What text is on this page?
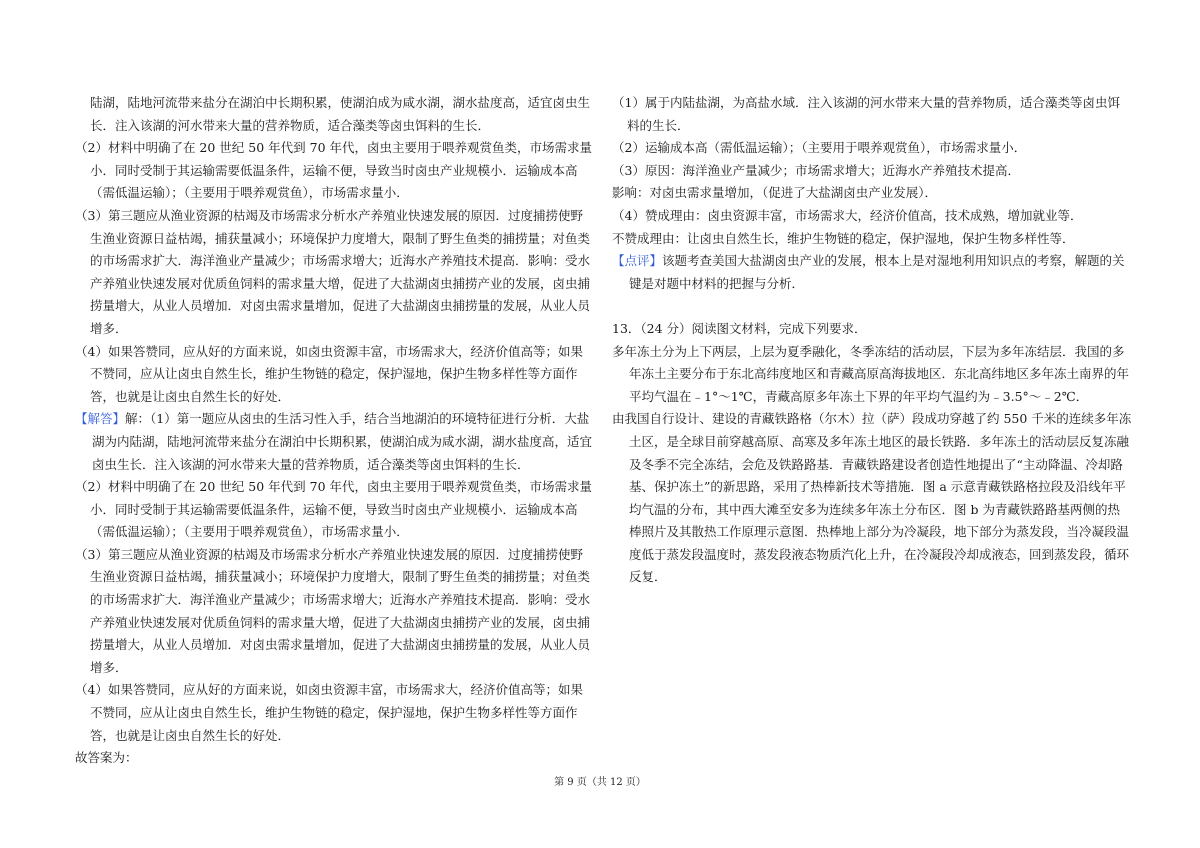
陆湖，陆地河流带来盐分在湖泊中长期积累，使湖泊成为咸水湖，湖水盐度高，适宜卤虫生长．注入该湖的河水带来大量的营养物质，适合藻类等卤虫饵料的生长．

（2）材料中明确了在 20 世纪 50 年代到 70 年代，卤虫主要用于喂养观赏鱼类，市场需求量小．同时受制于其运输需要低温条件，运输不便，导致当时卤虫产业规模小．运输成本高（需低温运输）；（主要用于喂养观赏鱼），市场需求量小．

（3）第三题应从渔业资源的枯竭及市场需求分析水产养殖业快速发展的原因．过度捕捞使野生渔业资源日益枯竭，捕获量减小；环境保护力度增大，限制了野生鱼类的捕捞量；对鱼类的市场需求扩大．海洋渔业产量减少；市场需求增大；近海水产养殖技术提高．影响：受水产养殖业快速发展对优质鱼饲料的需求量大增，促进了大盐湖卤虫捕捞产业的发展，卤虫捕捞量增大，从业人员增加．对卤虫需求量增加，促进了大盐湖卤虫捕捞量的发展，从业人员增多．

（4）如果答赞同，应从好的方面来说，如卤虫资源丰富，市场需求大，经济价值高等；如果不赞同，应从让卤虫自然生长，维护生物链的稳定，保护湿地，保护生物多样性等方面作答，也就是让卤虫自然生长的好处．

【解答】解：（1）第一题应从卤虫的生活习性入手，结合当地湖泊的环境特征进行分析．大盐湖为内陆湖，陆地河流带来盐分在湖泊中长期积累，使湖泊成为咸水湖，湖水盐度高，适宜卤虫生长．注入该湖的河水带来大量的营养物质，适合藻类等卤虫饵料的生长．

（2）材料中明确了在 20 世纪 50 年代到 70 年代，卤虫主要用于喂养观赏鱼类，市场需求量小．同时受制于其运输需要低温条件，运输不便，导致当时卤虫产业规模小．运输成本高（需低温运输）；（主要用于喂养观赏鱼），市场需求量小．

（3）第三题应从渔业资源的枯竭及市场需求分析水产养殖业快速发展的原因．过度捕捞使野生渔业资源日益枯竭，捕获量减小；环境保护力度增大，限制了野生鱼类的捕捞量；对鱼类的市场需求扩大．海洋渔业产量减少；市场需求增大；近海水产养殖技术提高．影响：受水产养殖业快速发展对优质鱼饲料的需求量大增，促进了大盐湖卤虫捕捞产业的发展，卤虫捕捞量增大，从业人员增加．对卤虫需求量增加，促进了大盐湖卤虫捕捞量的发展，从业人员增多．

（4）如果答赞同，应从好的方面来说，如卤虫资源丰富，市场需求大，经济价值高等；如果不赞同，应从让卤虫自然生长，维护生物链的稳定，保护湿地，保护生物多样性等方面作答，也就是让卤虫自然生长的好处．

故答案为：

（1）属于内陆盐湖，为高盐水域．注入该湖的河水带来大量的营养物质，适合藻类等卤虫饵料的生长．

（2）运输成本高（需低温运输）；（主要用于喂养观赏鱼），市场需求量小．

（3）原因：海洋渔业产量减少；市场需求增大；近海水产养殖技术提高．

影响：对卤虫需求量增加，（促进了大盐湖卤虫产业发展）．

（4）赞成理由：卤虫资源丰富，市场需求大，经济价值高，技术成熟，增加就业等．

不赞成理由：让卤虫自然生长，维护生物链的稳定，保护湿地，保护生物多样性等．

【点评】该题考查美国大盐湖卤虫产业的发展，根本上是对湿地利用知识点的考察，解题的关键是对题中材料的把握与分析．

13．（24 分）阅读图文材料，完成下列要求．

多年冻土分为上下两层，上层为夏季融化，冬季冻结的活动层，下层为多年冻结层．我国的多年冻土主要分布于东北高纬度地区和青藏高原高海拔地区．东北高纬地区多年冻土南界的年平均气温在﹣1°～1℃，青藏高原多年冻土下界的年平均气温约为﹣3.5°～﹣2℃．

由我国自行设计、建设的青藏铁路格（尔木）拉（萨）段成功穿越了约 550 千米的连续多年冻土区，是全球目前穿越高原、高寒及多年冻土地区的最长铁路．多年冻土的活动层反复冻融及冬季不完全冻结，会危及铁路路基．青藏铁路建设者创造性地提出了“主动降温、冷却路基、保护冻土”的新思路，采用了热棒新技术等措施．图 a 示意青藏铁路格拉段及沿线年平均气温的分布，其中西大滩至安多为连续多年冻土分布区．图 b 为青藏铁路路基两侧的热棒照片及其散热工作原理示意图．热棒地上部分为冷凝段，地下部分为蒸发段，当冷凝段温度低于蒸发段温度时，蒸发段液态物质汽化上升，在冷凝段冷却成液态，回到蒸发段，循环反复．

第 9 页（共 12 页）
